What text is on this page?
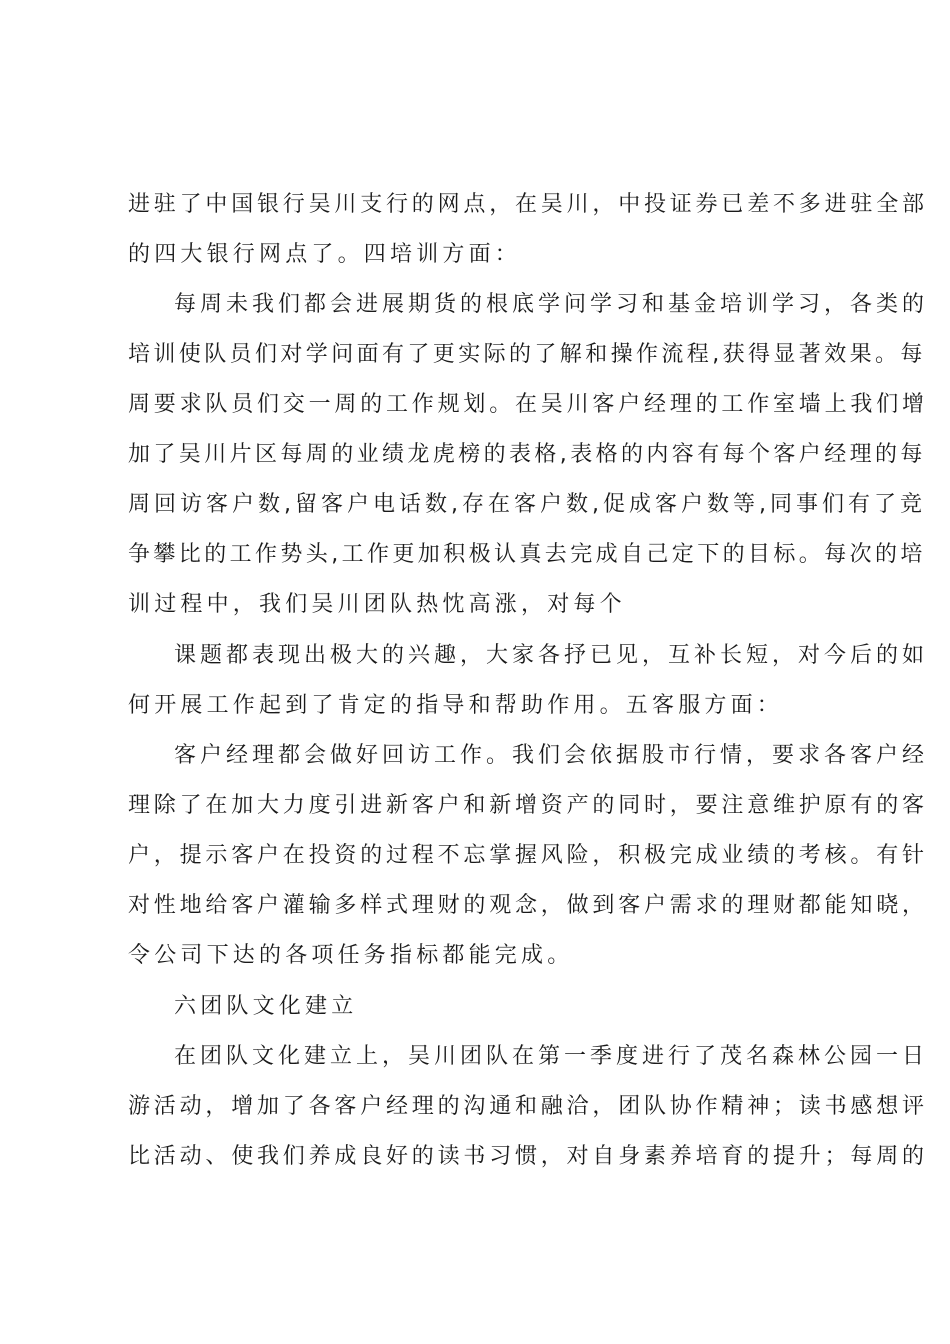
进驻了中国银行吴川支行的网点，在吴川，中投证券已差不多进驻全部
的四大银行网点了。四培训方面：
每周未我们都会进展期货的根底学问学习和基金培训学习，各类的
培训使队员们对学问面有了更实际的了解和操作流程,获得显著效果。每
周要求队员们交一周的工作规划。在吴川客户经理的工作室墙上我们增
加了吴川片区每周的业绩龙虎榜的表格,表格的内容有每个客户经理的每
周回访客户数,留客户电话数,存在客户数,促成客户数等,同事们有了竞
争攀比的工作势头,工作更加积极认真去完成自己定下的目标。每次的培
训过程中，我们吴川团队热忱高涨，对每个
课题都表现出极大的兴趣，大家各抒已见，互补长短，对今后的如
何开展工作起到了肯定的指导和帮助作用。五客服方面：
客户经理都会做好回访工作。我们会依据股市行情，要求各客户经
理除了在加大力度引进新客户和新增资产的同时，要注意维护原有的客
户，提示客户在投资的过程不忘掌握风险，积极完成业绩的考核。有针
对性地给客户灌输多样式理财的观念，做到客户需求的理财都能知晓，
令公司下达的各项任务指标都能完成。
六团队文化建立
在团队文化建立上，吴川团队在第一季度进行了茂名森林公园一日
游活动，增加了各客户经理的沟通和融洽，团队协作精神；读书感想评
比活动、使我们养成良好的读书习惯，对自身素养培育的提升；每周的
